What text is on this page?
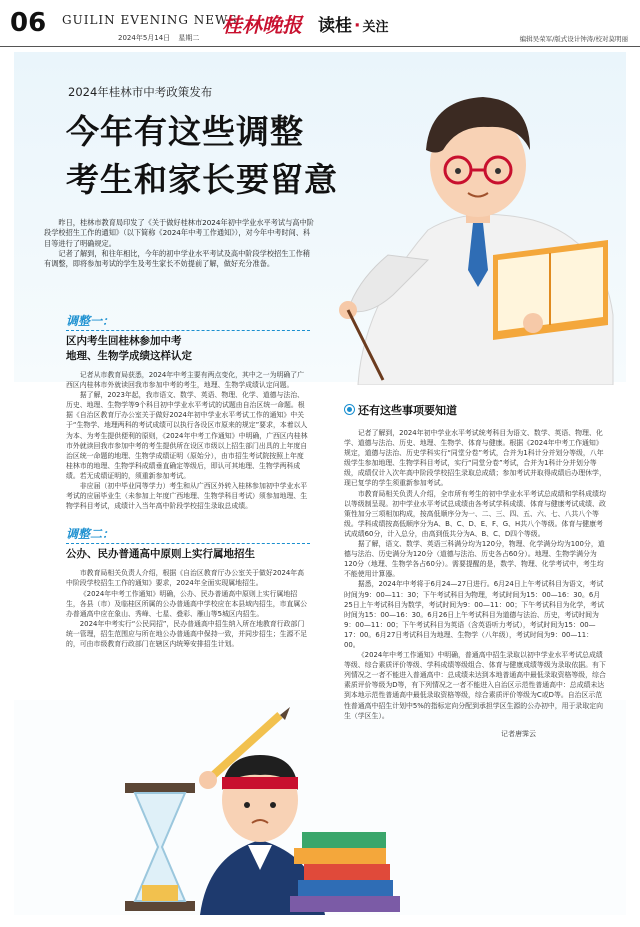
06 GUILIN EVENING NEWS
2024年5月14日 星期二
桂林晚报 读桂 · 关注
编辑吴荣军/版式设计钟涛/校对莫明丽
2024年桂林市中考政策发布
今年有这些调整
考生和家长要留意

昨日，桂林市教育局印发了《关于做好桂林市2024年初中学业水平考试与高中阶段学校招生工作的通知》（以下简称《2024年中考工作通知》），对今年中考时间、科目等进行了明确规定。

记者了解到，和往年相比，今年的初中学业水平考试及高中阶段学校招生工作稍有调整，即将参加考试的学生及考生家长不妨提前了解，做好充分准备。

调整一：
区内考生回桂林参加中考
地理、生物学成绩这样认定

记者从市教育局获悉，2024年中考主要有两点变化，其中之一为明确了广西区内桂林市外就读回我市参加中考的考生，地理、生物学成绩认定问题。

据了解，2023年起，我市语文、数学、英语、物理、化学、道德与法治、历史、地理、生物学等9个科目初中学业水平考试的试题由自治区统一命题。根据《自治区教育厅办公室关于做好2024年初中学业水平考试工作的通知》中关于“生物学、地理两科的考试成绩可以执行各设区市原来的规定”要求，本着以人为本、为考生提供便利的原则，《2024年中考工作通知》中明确，广西区内桂林市外就读回我市参加中考的考生提供所在设区市级以上招生部门出具的上年度自治区统一命题的地理、生物学成绩证明（原始分），由市招生考试院按照上年度桂林市的地理、生物学科成绩垂直确定等级后，即认可其地理、生物学两科成绩。若无成绩证明的，须重新参加考试。

非应届（初中毕业同等学力）考生和从广西区外转入桂林参加初中学业水平考试的应届毕业生（未参加上年度广西地理、生物学科目考试）须参加地理、生物学科目考试，成绩计入当年高中阶段学校招生录取总成绩。

调整二：
公办、民办普通高中原则上实行属地招生

市教育局相关负责人介绍，根据《自治区教育厅办公室关于做好2024年高中阶段学校招生工作的通知》要求，2024年全面实现属地招生。

《2024年中考工作通知》明确，公办、民办普通高中原则上实行属地招生，各县（市）及临桂区所属的公办普通高中学校应在本县域内招生，市直属公办普通高中应在象山、秀峰、七星、叠彩、雁山等5城区内招生。

2024年中考实行“公民同招”，民办普通高中招生纳入所在地教育行政部门统一管理，招生范围应与所在地公办普通高中保持一致，并同步招生；生源不足的，可由市级教育行政部门在辖区内统筹安排招生计划。

还有这些事项要知道

记者了解到，2024年初中学业水平考试统考科目为语文、数学、英语、物理、化学、道德与法治、历史、地理、生物学、体育与健康。根据《2024年中考工作通知》规定，道德与法治、历史学科实行“同堂分卷”考试，合并为1科计分并划分等级，八年级学生参加地理、生物学科目考试，实行“同堂分卷”考试，合并为1科计分并划分等级，成绩仅计入次年高中阶段学校招生录取总成绩；参加考试并取得成绩后办理休学，现已复学的学生须重新参加考试。

市教育局相关负责人介绍，全市所有考生的初中学业水平考试总成绩和学科成绩均以等级制呈现。初中学业水平考试总成绩由各考试学科成绩、体育与健康考试成绩、政策性加分三项相加构成，按高低顺序分为一、二、三、四、五、六、七、八共八个等级。学科成绩按高低顺序分为A、B、C、D、E、F、G、H共八个等级。体育与健康考试成绩60分，计入总分，由高到低共分为A、B、C、D四个等级。

据了解，语文、数学、英语三科满分均为120分，物理、化学满分均为100分，道德与法治、历史满分为120分（道德与法治、历史各占60分）。地理、生物学满分为120分（地理、生物学各占60分）。需要提醒的是，数学、物理、化学考试中，考生均不能使用计算器。

据悉，2024年中考将于6月24—27日进行。6月24日上午考试科目为语文，考试时间为9：00—11：30；下午考试科目为物理，考试时间为15：00—16：30。6月25日上午考试科目为数学，考试时间为9：00—11：00；下午考试科目为化学，考试时间为15：00—16：30。6月26日上午考试科目为道德与法治、历史，考试时间为9：00—11：00；下午考试科目为英语（含英语听力考试），考试时间为15：00—17：00。6月27日考试科目为地理、生物学（八年级），考试时间为9：00—11：00。

《2024年中考工作通知》中明确，普通高中招生录取以初中学业水平考试总成绩等级、综合素质评价等级、学科成绩等级组合、体育与健康成绩等级为录取依据。有下列情况之一者不能进入普通高中：总成绩未达到本地普通高中最低录取资格等级，综合素质评价等级为D等，有下列情况之一者不能进入自治区示范性普通高中：总成绩未达到本地示范性普通高中最低录取资格等级，综合素质评价等级为C或D等。自治区示范性普通高中招生计划中5%的指标定向分配到承担学区生源的公办初中，用于录取定向生（学区生）。

记者唐霁云
